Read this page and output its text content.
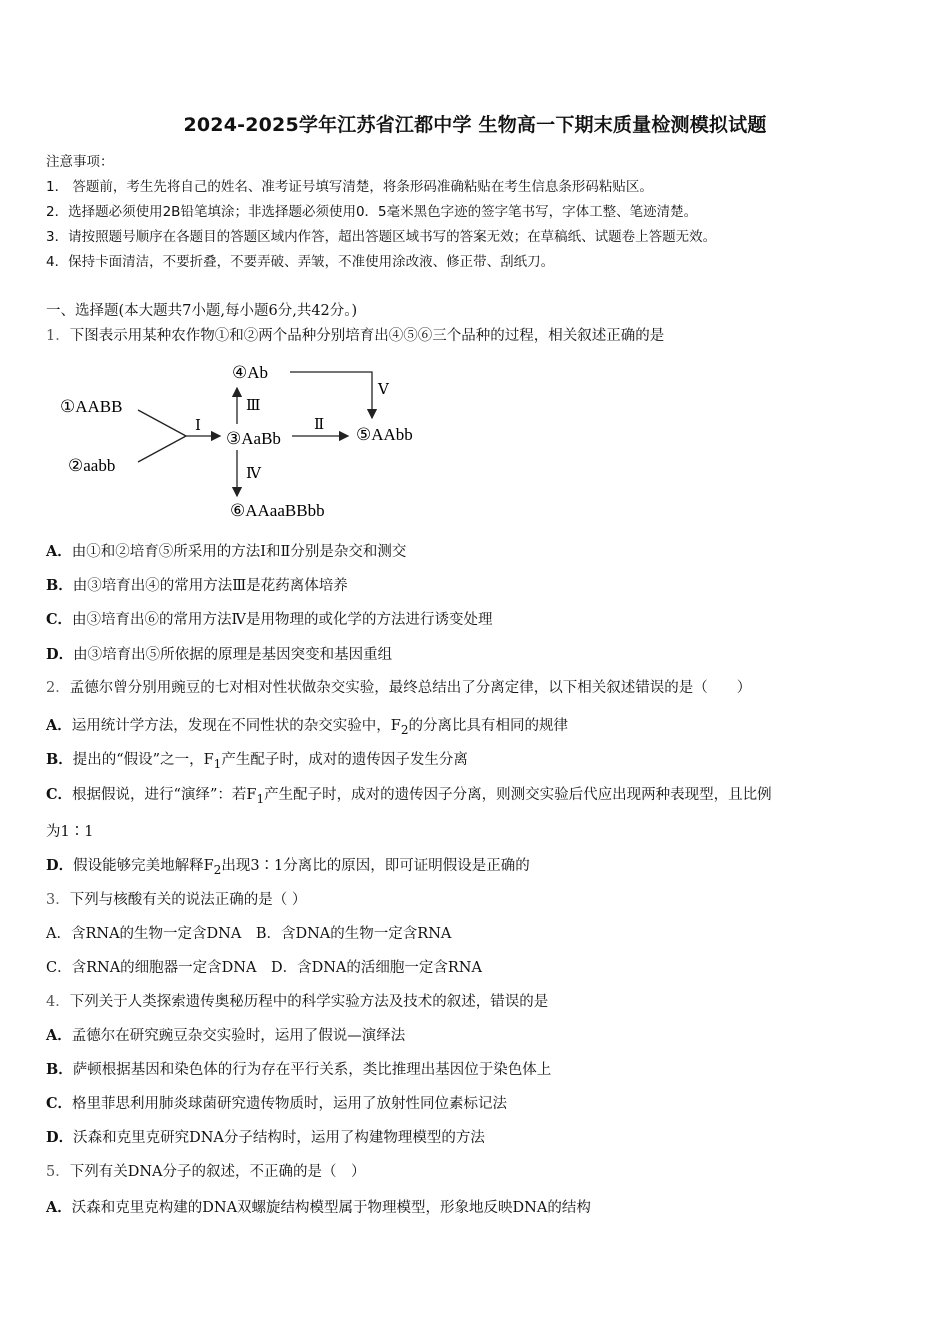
2024-2025学年江苏省江都中学 生物高一下期末质量检测模拟试题
注意事项：
1． 答题前，考生先将自己的姓名、准考证号填写清楚，将条形码准确粘贴在考生信息条形码粘贴区。
2．选择题必须使用2B铅笔填涂；非选择题必须使用0．5毫米黑色字迹的签字笔书写，字体工整、笔迹清楚。
3．请按照题号顺序在各题目的答题区域内作答，超出答题区域书写的答案无效；在草稿纸、试题卷上答题无效。
4．保持卡面清洁，不要折叠，不要弄破、弄皱，不准使用涂改液、修正带、刮纸刀。
一、选择题(本大题共7小题,每小题6分,共42分。)
1．下图表示用某种农作物①和②两个品种分别培育出④⑤⑥三个品种的过程，相关叙述正确的是
①AABB
②aabb
③AaBb
④Ab
⑤AAbb
⑥AAaaBBbb
Ⅰ
Ⅲ
Ⅱ
Ⅴ
Ⅳ
A．由①和②培育⑤所采用的方法Ⅰ和Ⅱ分别是杂交和测交
B．由③培育出④的常用方法Ⅲ是花药离体培养
C．由③培育出⑥的常用方法Ⅳ是用物理的或化学的方法进行诱变处理
D．由③培育出⑤所依据的原理是基因突变和基因重组
2．孟德尔曾分别用豌豆的七对相对性状做杂交实验，最终总结出了分离定律，以下相关叙述错误的是（　　）
A．运用统计学方法，发现在不同性状的杂交实验中，$F_2$的分离比具有相同的规律
B．提出的“假设”之一，$F_1$产生配子时，成对的遗传因子发生分离
C．根据假说，进行“演绎”：若$F_1$产生配子时，成对的遗传因子分离，则测交实验后代应出现两种表现型，且比例
为1∶1
D．假设能够完美地解释$F_2$出现3∶1分离比的原因，即可证明假设是正确的
3．下列与核酸有关的说法正确的是（ ）
A．含RNA的生物一定含DNA　B．含DNA的生物一定含RNA
C．含RNA的细胞器一定含DNA　D．含DNA的活细胞一定含RNA
4．下列关于人类探索遗传奥秘历程中的科学实验方法及技术的叙述，错误的是
A．孟德尔在研究豌豆杂交实验时，运用了假说—演绎法
B．萨顿根据基因和染色体的行为存在平行关系，类比推理出基因位于染色体上
C．格里菲思利用肺炎球菌研究遗传物质时，运用了放射性同位素标记法
D．沃森和克里克研究DNA分子结构时，运用了构建物理模型的方法
5．下列有关DNA分子的叙述，不正确的是（　）
A．沃森和克里克构建的DNA双螺旋结构模型属于物理模型，形象地反映DNA的结构
